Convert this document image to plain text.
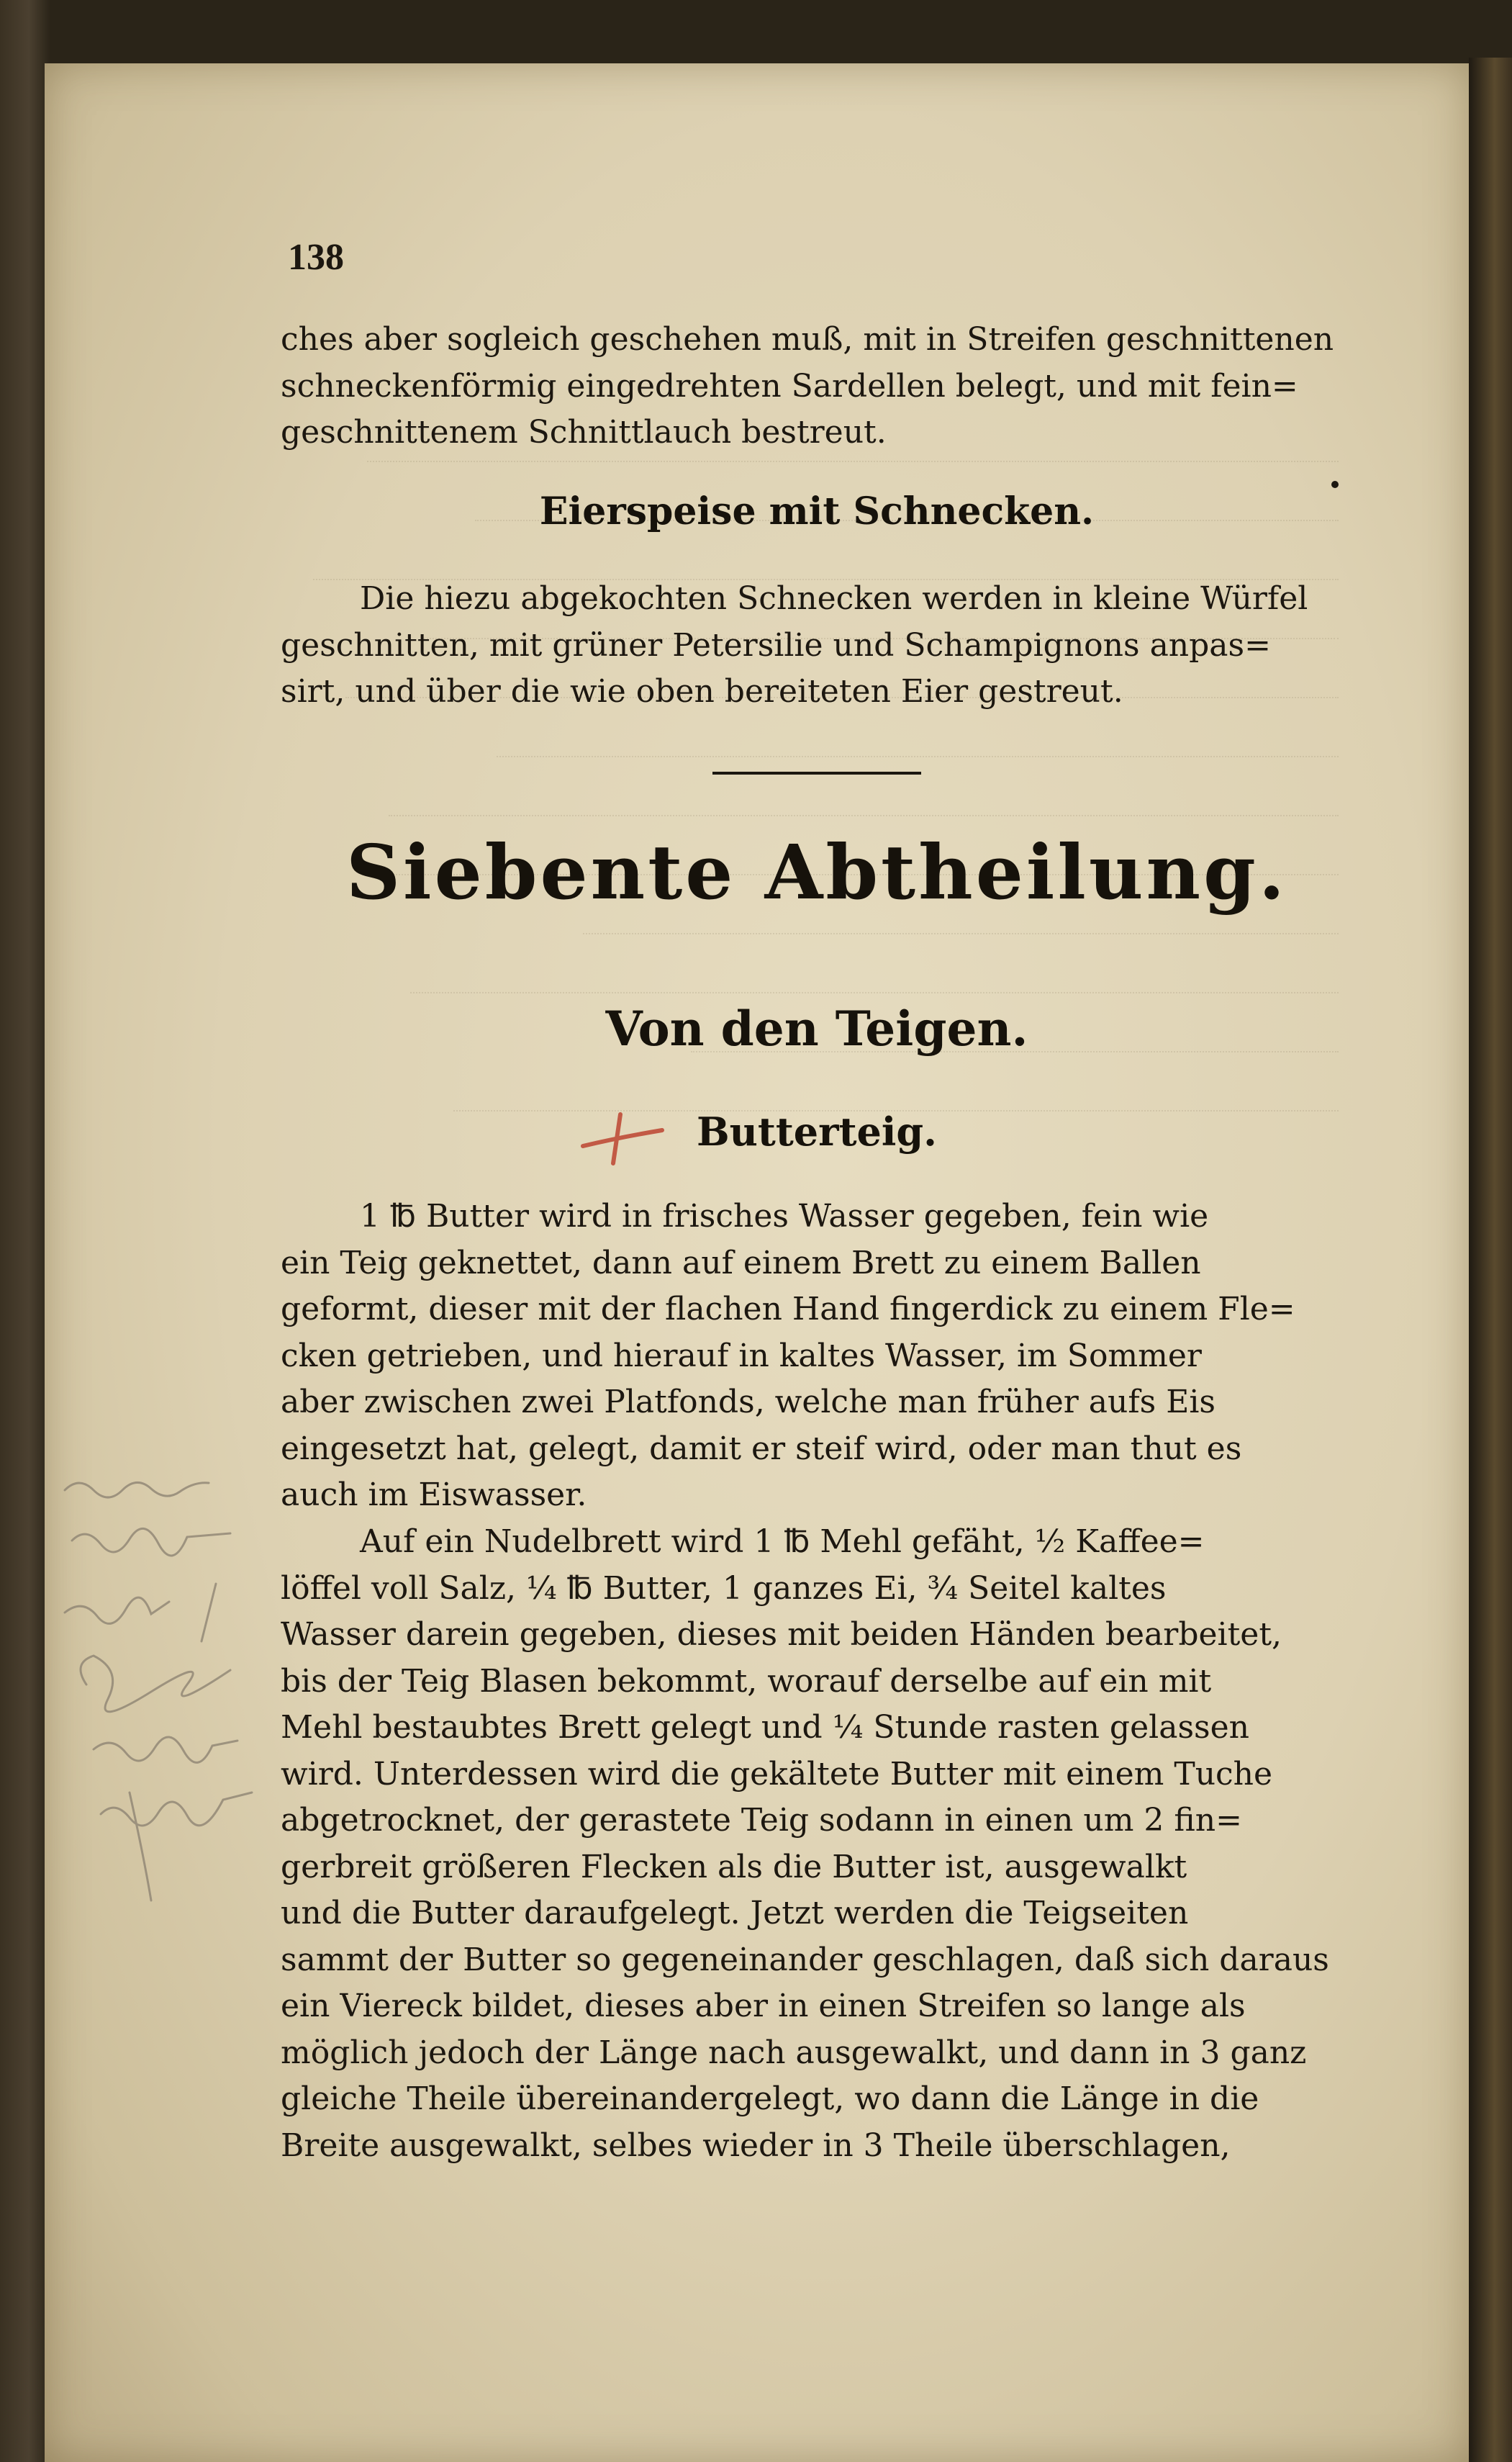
138

ches aber sogleich geschehen muß, mit in Streifen geschnittenen
schneckenförmig eingedrehten Sardellen belegt, und mit fein=
geschnittenem Schnittlauch bestreut.

Eierspeise mit Schnecken.

Die hiezu abgekochten Schnecken werden in kleine Würfel
geschnitten, mit grüner Petersilie und Schampignons anpas=
sirt, und über die wie oben bereiteten Eier gestreut.

Siebente Abtheilung.

Von den Teigen.

Butterteig.

1 ℔ Butter wird in frisches Wasser gegeben, fein wie
ein Teig geknettet, dann auf einem Brett zu einem Ballen
geformt, dieser mit der flachen Hand fingerdick zu einem Fle=
cken getrieben, und hierauf in kaltes Wasser, im Sommer
aber zwischen zwei Platfonds, welche man früher aufs Eis
eingesetzt hat, gelegt, damit er steif wird, oder man thut es
auch im Eiswasser.

Auf ein Nudelbrett wird 1 ℔ Mehl gefäht, ½ Kaffee=
löffel voll Salz, ¼ ℔ Butter, 1 ganzes Ei, ¾ Seitel kaltes
Wasser darein gegeben, dieses mit beiden Händen bearbeitet,
bis der Teig Blasen bekommt, worauf derselbe auf ein mit
Mehl bestaubtes Brett gelegt und ¼ Stunde rasten gelassen
wird. Unterdessen wird die gekältete Butter mit einem Tuche
abgetrocknet, der gerastete Teig sodann in einen um 2 fin=
gerbreit größeren Flecken als die Butter ist, ausgewalkt
und die Butter daraufgelegt. Jetzt werden die Teigseiten
sammt der Butter so gegeneinander geschlagen, daß sich daraus
ein Viereck bildet, dieses aber in einen Streifen so lange als
möglich jedoch der Länge nach ausgewalkt, und dann in 3 ganz
gleiche Theile übereinandergelegt, wo dann die Länge in die
Breite ausgewalkt, selbes wieder in 3 Theile überschlagen,
